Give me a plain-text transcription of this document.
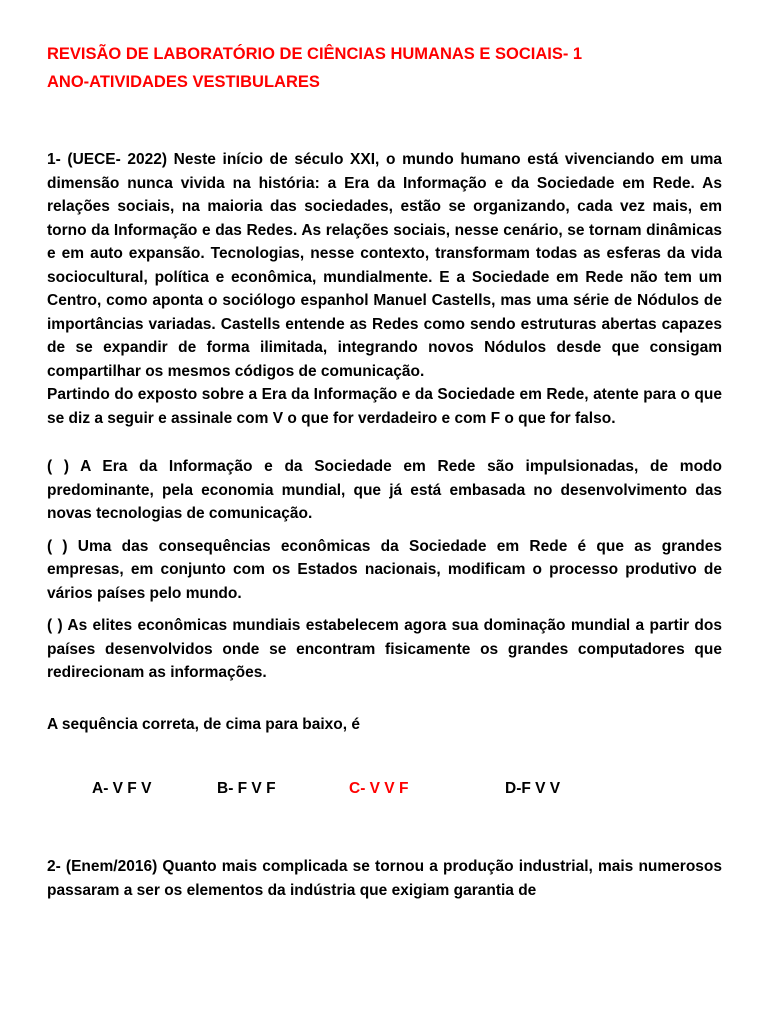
REVISÃO DE LABORATÓRIO DE CIÊNCIAS HUMANAS E SOCIAIS- 1
ANO-ATIVIDADES VESTIBULARES

1- (UECE- 2022) Neste início de século XXI, o mundo humano está vivenciando em uma dimensão nunca vivida na história: a Era da Informação e da Sociedade em Rede. As relações sociais, na maioria das sociedades, estão se organizando, cada vez mais, em torno da Informação e das Redes. As relações sociais, nesse cenário, se tornam dinâmicas e em auto expansão. Tecnologias, nesse contexto, transformam todas as esferas da vida sociocultural, política e econômica, mundialmente. E a Sociedade em Rede não tem um Centro, como aponta o sociólogo espanhol Manuel Castells, mas uma série de Nódulos de importâncias variadas. Castells entende as Redes como sendo estruturas abertas capazes de se expandir de forma ilimitada, integrando novos Nódulos desde que consigam compartilhar os mesmos códigos de comunicação.

Partindo do exposto sobre a Era da Informação e da Sociedade em Rede, atente para o que se diz a seguir e assinale com V o que for verdadeiro e com F o que for falso.

( ) A Era da Informação e da Sociedade em Rede são impulsionadas, de modo predominante, pela economia mundial, que já está embasada no desenvolvimento das novas tecnologias de comunicação.

( ) Uma das consequências econômicas da Sociedade em Rede é que as grandes empresas, em conjunto com os Estados nacionais, modificam o processo produtivo de vários países pelo mundo.

( ) As elites econômicas mundiais estabelecem agora sua dominação mundial a partir dos países desenvolvidos onde se encontram fisicamente os grandes computadores que redirecionam as informações.

A sequência correta, de cima para baixo, é

A- V F V	B- F V F	C- V V F	D-F V V

2- (Enem/2016) Quanto mais complicada se tornou a produção industrial, mais numerosos passaram a ser os elementos da indústria que exigiam garantia de
